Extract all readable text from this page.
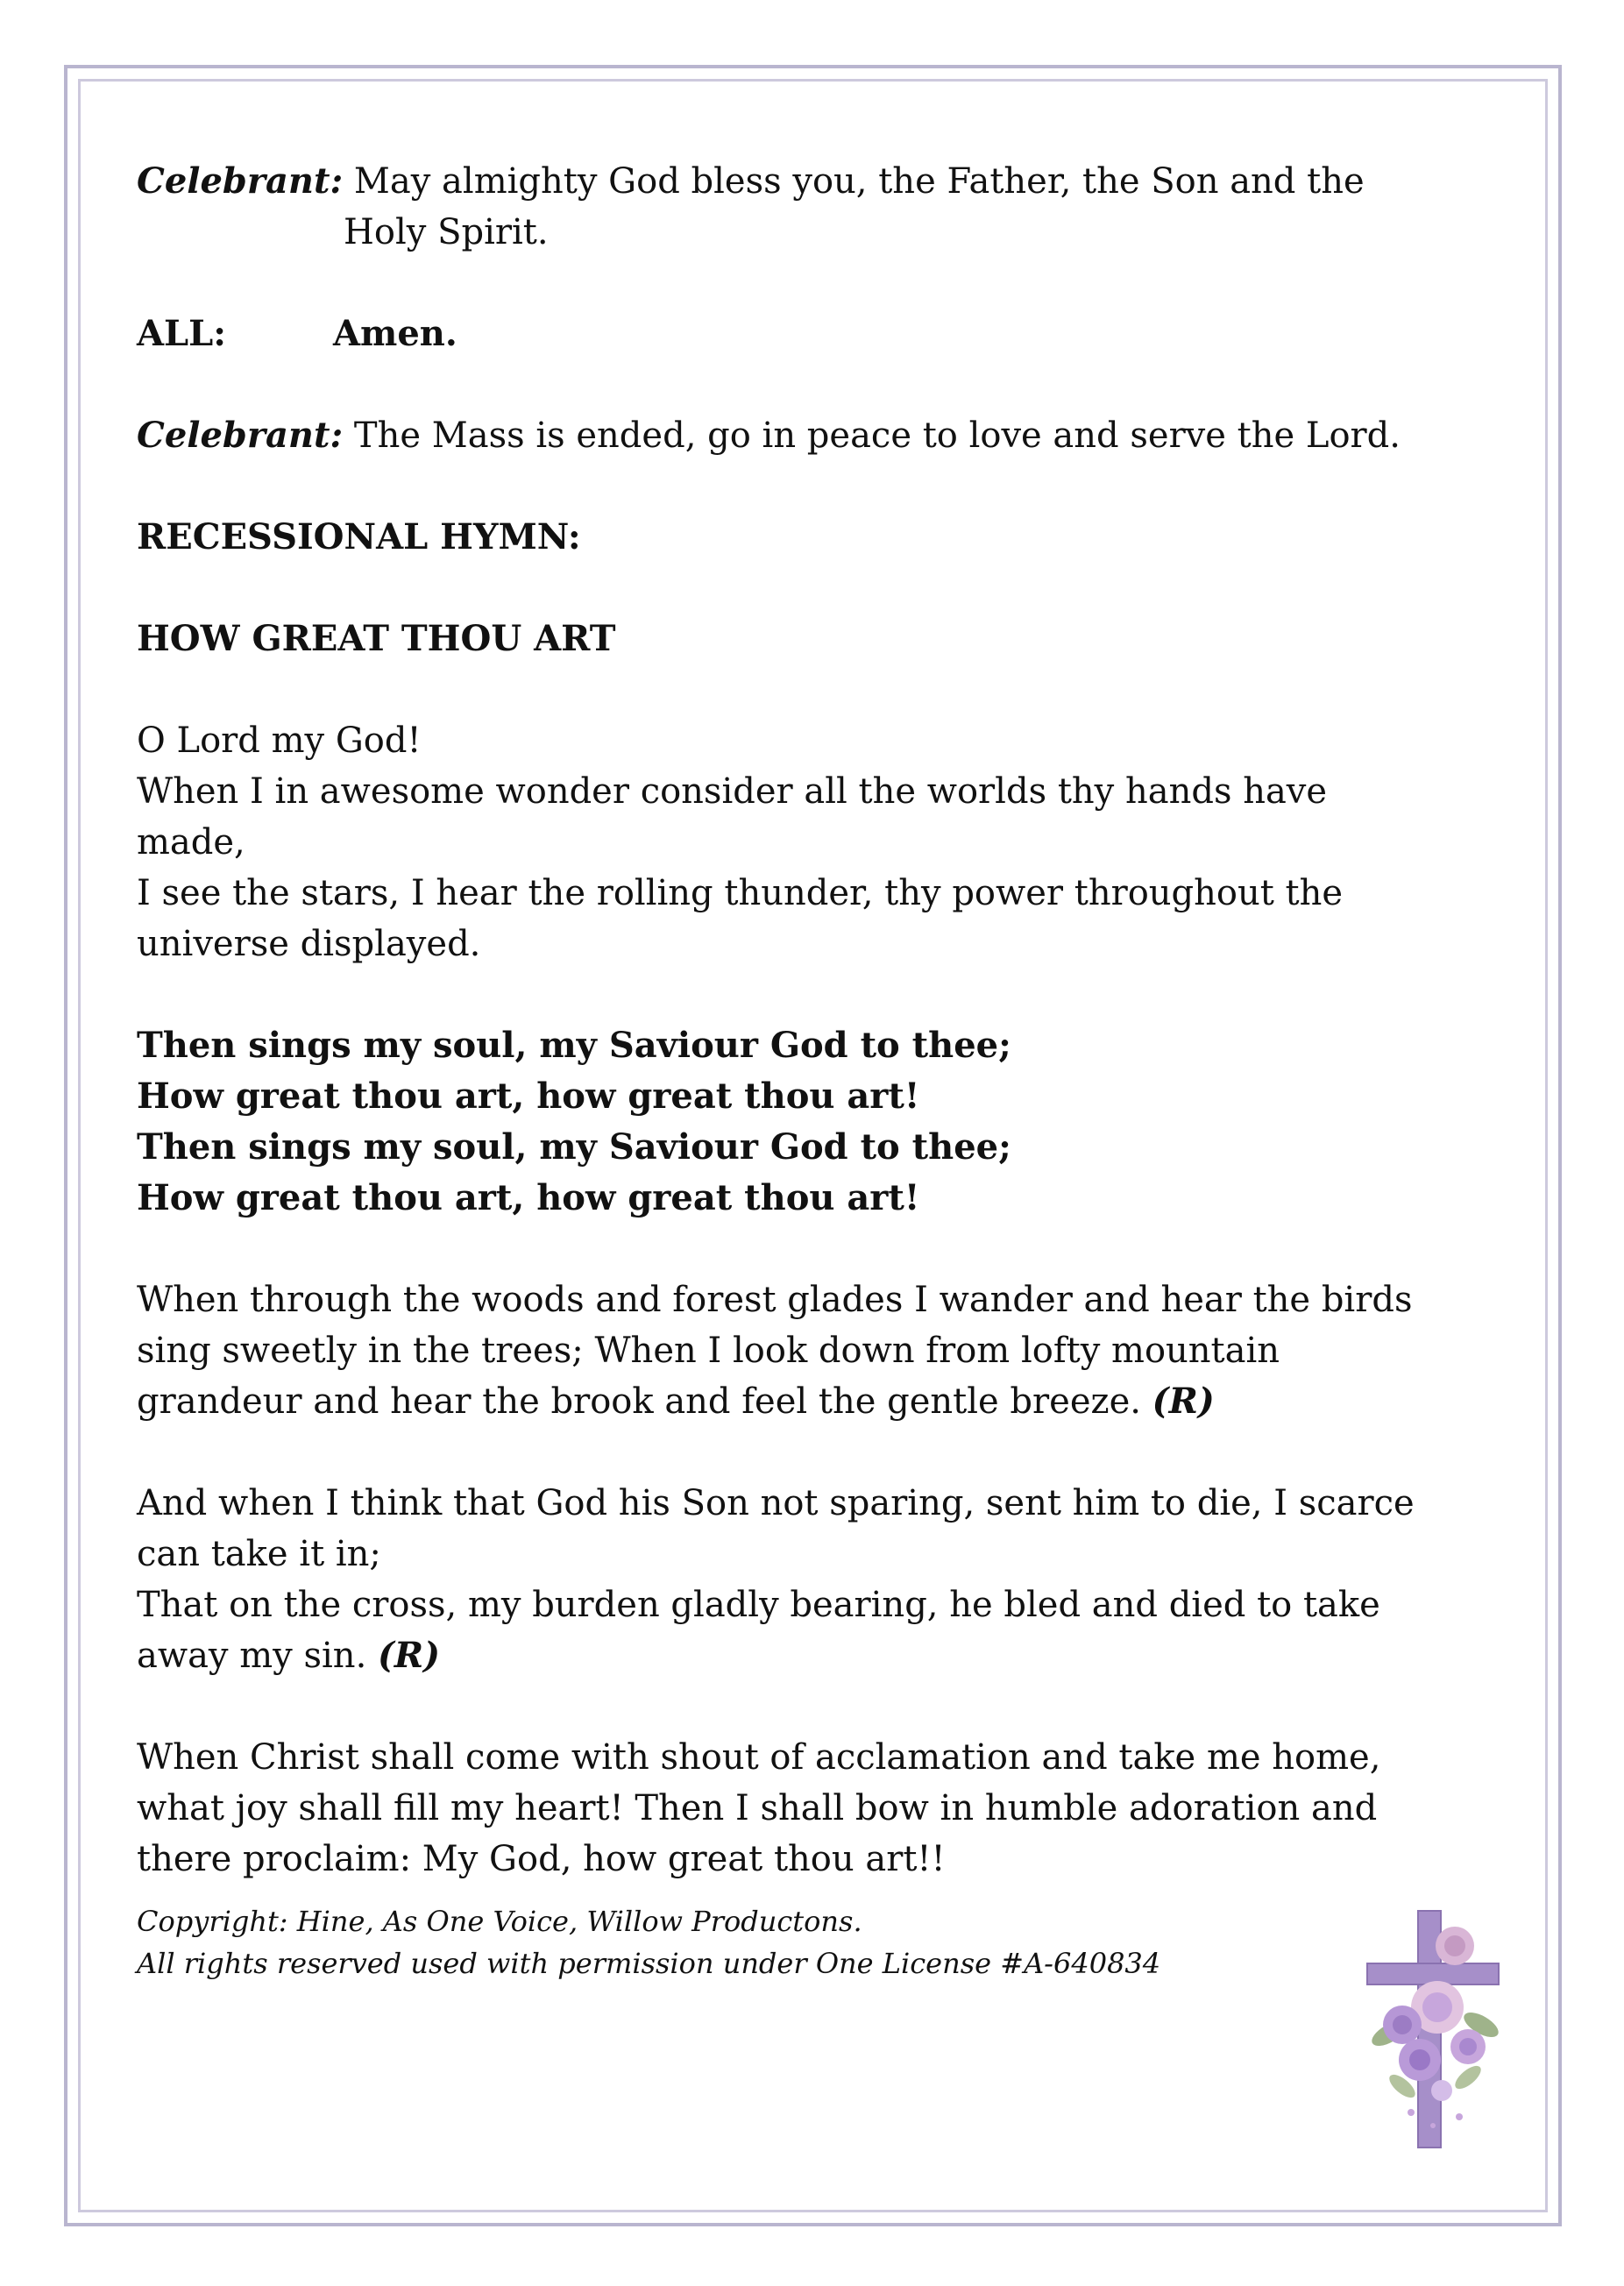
Celebrant: May almighty God bless you, the Father, the Son and the

Holy Spirit.

ALL:	Amen.

Celebrant: The Mass is ended, go in peace to love and serve the Lord.

RECESSIONAL HYMN:

HOW GREAT THOU ART

O Lord my God!

When I in awesome wonder consider all the worlds thy hands have

made,

I see the stars, I hear the rolling thunder, thy power throughout the

universe displayed.

Then sings my soul, my Saviour God to thee;

How great thou art, how great thou art!

Then sings my soul, my Saviour God to thee;

How great thou art, how great thou art!

When through the woods and forest glades I wander and hear the birds

sing sweetly in the trees; When I look down from lofty mountain

grandeur and hear the brook and feel the gentle breeze. (R)

And when I think that God his Son not sparing, sent him to die, I scarce

can take it in;

That on the cross, my burden gladly bearing, he bled and died to take

away my sin. (R)

When Christ shall come with shout of acclamation and take me home,

what joy shall fill my heart! Then I shall bow in humble adoration and

there proclaim: My God, how great thou art!!

Copyright: Hine, As One Voice, Willow Productons.

All rights reserved used with permission under One License #A-640834
